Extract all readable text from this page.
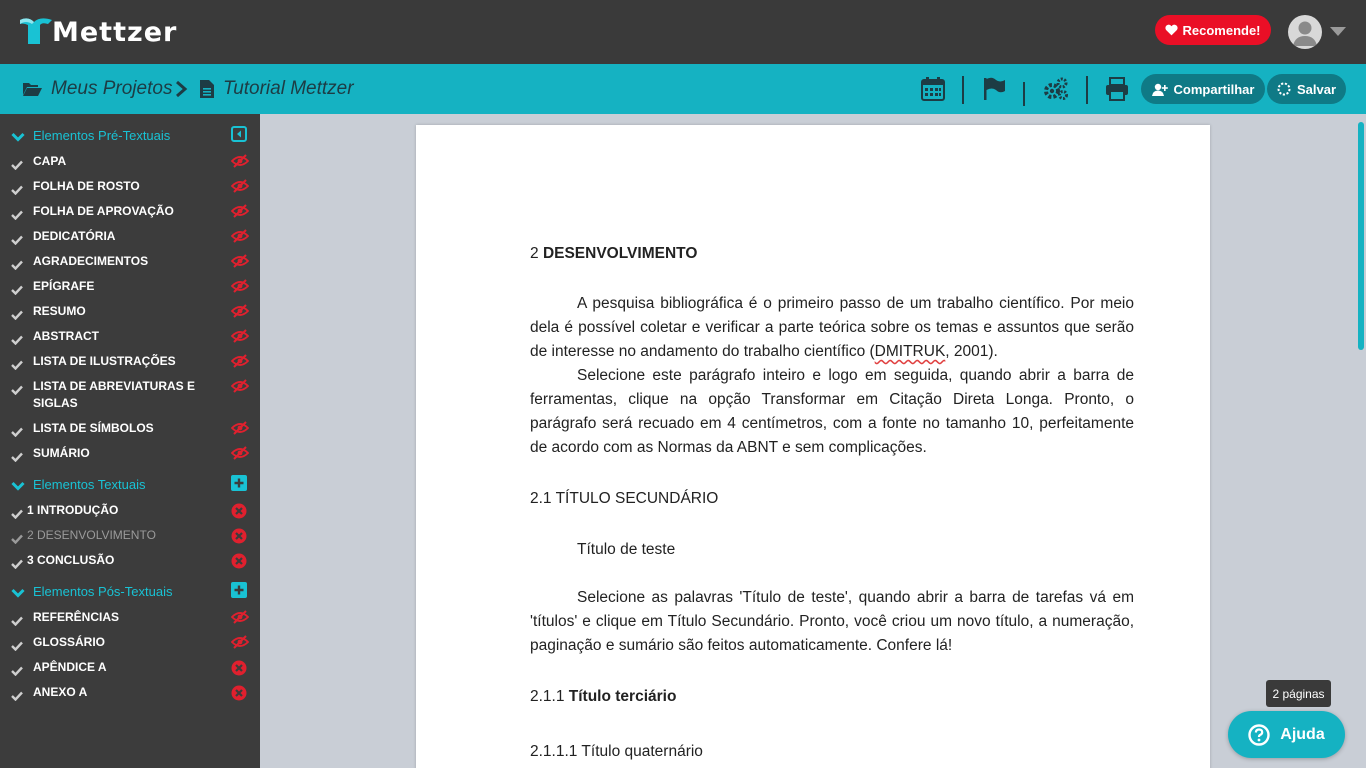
Mettzer	Recomende!
Meus Projetos	Tutorial Mettzer	Compartilhar	Salvar
Elementos Pré-Textuais
CAPA
FOLHA DE ROSTO
FOLHA DE APROVAÇÃO
DEDICATÓRIA
AGRADECIMENTOS
EPÍGRAFE
RESUMO
ABSTRACT
LISTA DE ILUSTRAÇÕES
LISTA DE ABREVIATURAS E SIGLAS
LISTA DE SÍMBOLOS
SUMÁRIO
Elementos Textuais
1 INTRODUÇÃO
2 DESENVOLVIMENTO
3 CONCLUSÃO
Elementos Pós-Textuais
REFERÊNCIAS
GLOSSÁRIO
APÊNDICE A
ANEXO A
2 DESENVOLVIMENTO
A pesquisa bibliográfica é o primeiro passo de um trabalho científico. Por meio dela é possível coletar e verificar a parte teórica sobre os temas e assuntos que serão de interesse no andamento do trabalho científico (DMITRUK, 2001).
Selecione este parágrafo inteiro e logo em seguida, quando abrir a barra de ferramentas, clique na opção Transformar em Citação Direta Longa. Pronto, o parágrafo será recuado em 4 centímetros, com a fonte no tamanho 10, perfeitamente de acordo com as Normas da ABNT e sem complicações.
2.1 TÍTULO SECUNDÁRIO
Título de teste
Selecione as palavras 'Título de teste', quando abrir a barra de tarefas vá em 'títulos' e clique em Título Secundário. Pronto, você criou um novo título, a numeração, paginação e sumário são feitos automaticamente. Confere lá!
2.1.1 Título terciário
2.1.1.1 Título quaternário
2 páginas
Ajuda
